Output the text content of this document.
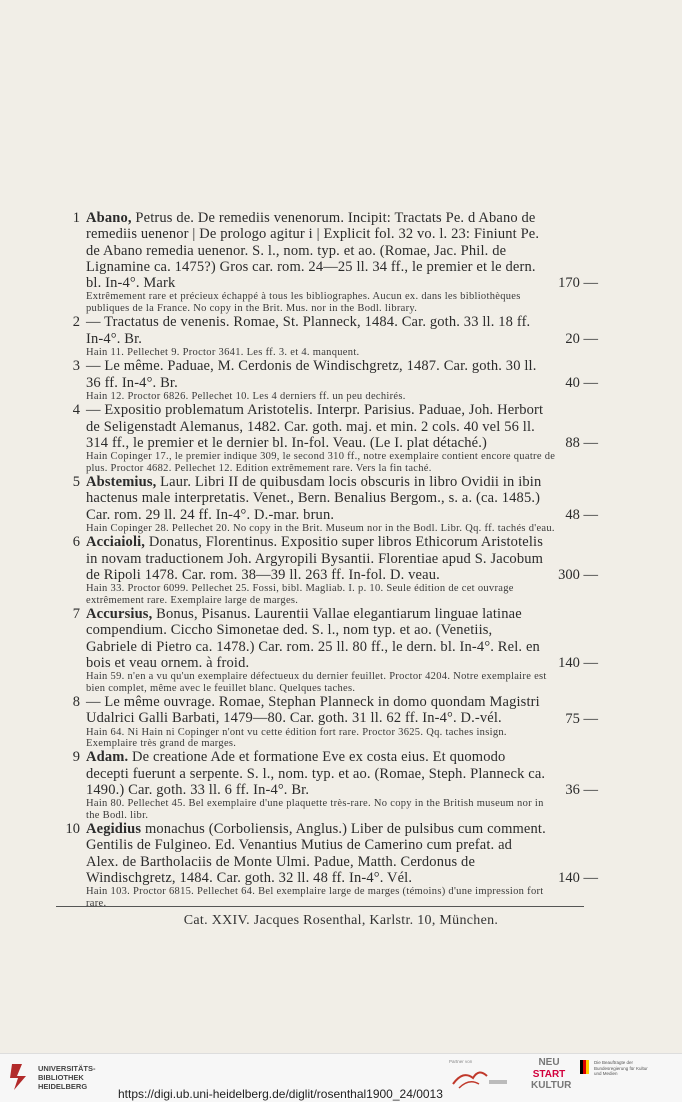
1 Abano, Petrus de. De remediis venenorum. Incipit: Tractats Pe. d Abano de remediis uenenor | De prologo agitur i | Explicit fol. 32 vo. l. 23: Finiunt Pe. de Abano remedia uenenor. S. l., nom. typ. et ao. (Romae, Jac. Phil. de Lignamine ca. 1475?) Gros car. rom. 24—25 ll. 34 ff., le premier et le dern. bl. In-4°. Mark	170 —
Extrêmement rare et précieux échappé à tous les bibliographes. Aucun ex. dans les bibliothèques publiques de la France. No copy in the Brit. Mus. nor in the Bodl. library.
2 — Tractatus de venenis. Romae, St. Planneck, 1484. Car. goth. 33 ll. 18 ff. In-4°. Br.	20 —
Hain 11. Pellechet 9. Proctor 3641. Les ff. 3. et 4. manquent.
3 — Le même. Paduae, M. Cerdonis de Windischgretz, 1487. Car. goth. 30 ll. 36 ff. In-4°. Br.	40 —
Hain 12. Proctor 6826. Pellechet 10. Les 4 derniers ff. un peu dechirés.
4 — Expositio problematum Aristotelis. Interpr. Parisius. Paduae, Joh. Herbort de Seligenstadt Alemanus, 1482. Car. goth. maj. et min. 2 cols. 40 vel 56 ll. 314 ff., le premier et le dernier bl. In-fol. Veau. (Le I. plat détaché.)	88 —
Hain Copinger 17., le premier indique 309, le second 310 ff., notre exemplaire contient encore quatre de plus. Proctor 4682. Pellechet 12. Edition extrêmement rare. Vers la fin taché.
5 Abstemius, Laur. Libri II de quibusdam locis obscuris in libro Ovidii in ibin hactenus male interpretatis. Venet., Bern. Benalius Bergom., s. a. (ca. 1485.) Car. rom. 29 ll. 24 ff. In-4°. D.-mar. brun.	48 —
Hain Copinger 28. Pellechet 20. No copy in the Brit. Museum nor in the Bodl. Libr. Qq. ff. tachés d'eau.
6 Acciaioli, Donatus, Florentinus. Expositio super libros Ethicorum Aristotelis in novam traductionem Joh. Argyropili Bysantii. Florentiae apud S. Jacobum de Ripoli 1478. Car. rom. 38—39 ll. 263 ff. In-fol. D. veau.	300 —
Hain 33. Proctor 6099. Pellechet 25. Fossi, bibl. Magliab. I. p. 10. Seule édition de cet ouvrage extrêmement rare. Exemplaire large de marges.
7 Accursius, Bonus, Pisanus. Laurentii Vallae elegantiarum linguae latinae compendium. Ciccho Simonetae ded. S. l., nom typ. et ao. (Venetiis, Gabriele di Pietro ca. 1478.) Car. rom. 25 ll. 80 ff., le dern. bl. In-4°. Rel. en bois et veau ornem. à froid.	140 —
Hain 59. n'en a vu qu'un exemplaire défectueux du dernier feuillet. Proctor 4204. Notre exemplaire est bien complet, même avec le feuillet blanc. Quelques taches.
8 — Le même ouvrage. Romae, Stephan Planneck in domo quondam Magistri Udalrici Galli Barbati, 1479—80. Car. goth. 31 ll. 62 ff. In-4°. D.-vél.	75 —
Hain 64. Ni Hain ni Copinger n'ont vu cette édition fort rare. Proctor 3625. Qq. taches insign. Exemplaire très grand de marges.
9 Adam. De creatione Ade et formatione Eve ex costa eius. Et quomodo decepti fuerunt a serpente. S. l., nom. typ. et ao. (Romae, Steph. Planneck ca. 1490.) Car. goth. 33 ll. 6 ff. In-4°. Br.	36 —
Hain 80. Pellechet 45. Bel exemplaire d'une plaquette très-rare. No copy in the British museum nor in the Bodl. libr.
10 Aegidius monachus (Corboliensis, Anglus.) Liber de pulsibus cum comment. Gentilis de Fulgineo. Ed. Venantius Mutius de Camerino cum prefat. ad Alex. de Bartholaciis de Monte Ulmi. Padue, Matth. Cerdonus de Windischgretz, 1484. Car. goth. 32 ll. 48 ff. In-4°. Vél.	140 —
Hain 103. Proctor 6815. Pellechet 64. Bel exemplaire large de marges (témoins) d'une impression fort rare.
Cat. XXIV. Jacques Rosenthal, Karlstr. 10, München.
UNIVERSITÄTS-
BIBLIOTHEK
HEIDELBERG
https://digi.ub.uni-heidelberg.de/diglit/rosenthal1900_24/0013
Partner von	NEU
START
KULTUR
Die Beauftragte der Bundesregierung für Kultur und Medien
